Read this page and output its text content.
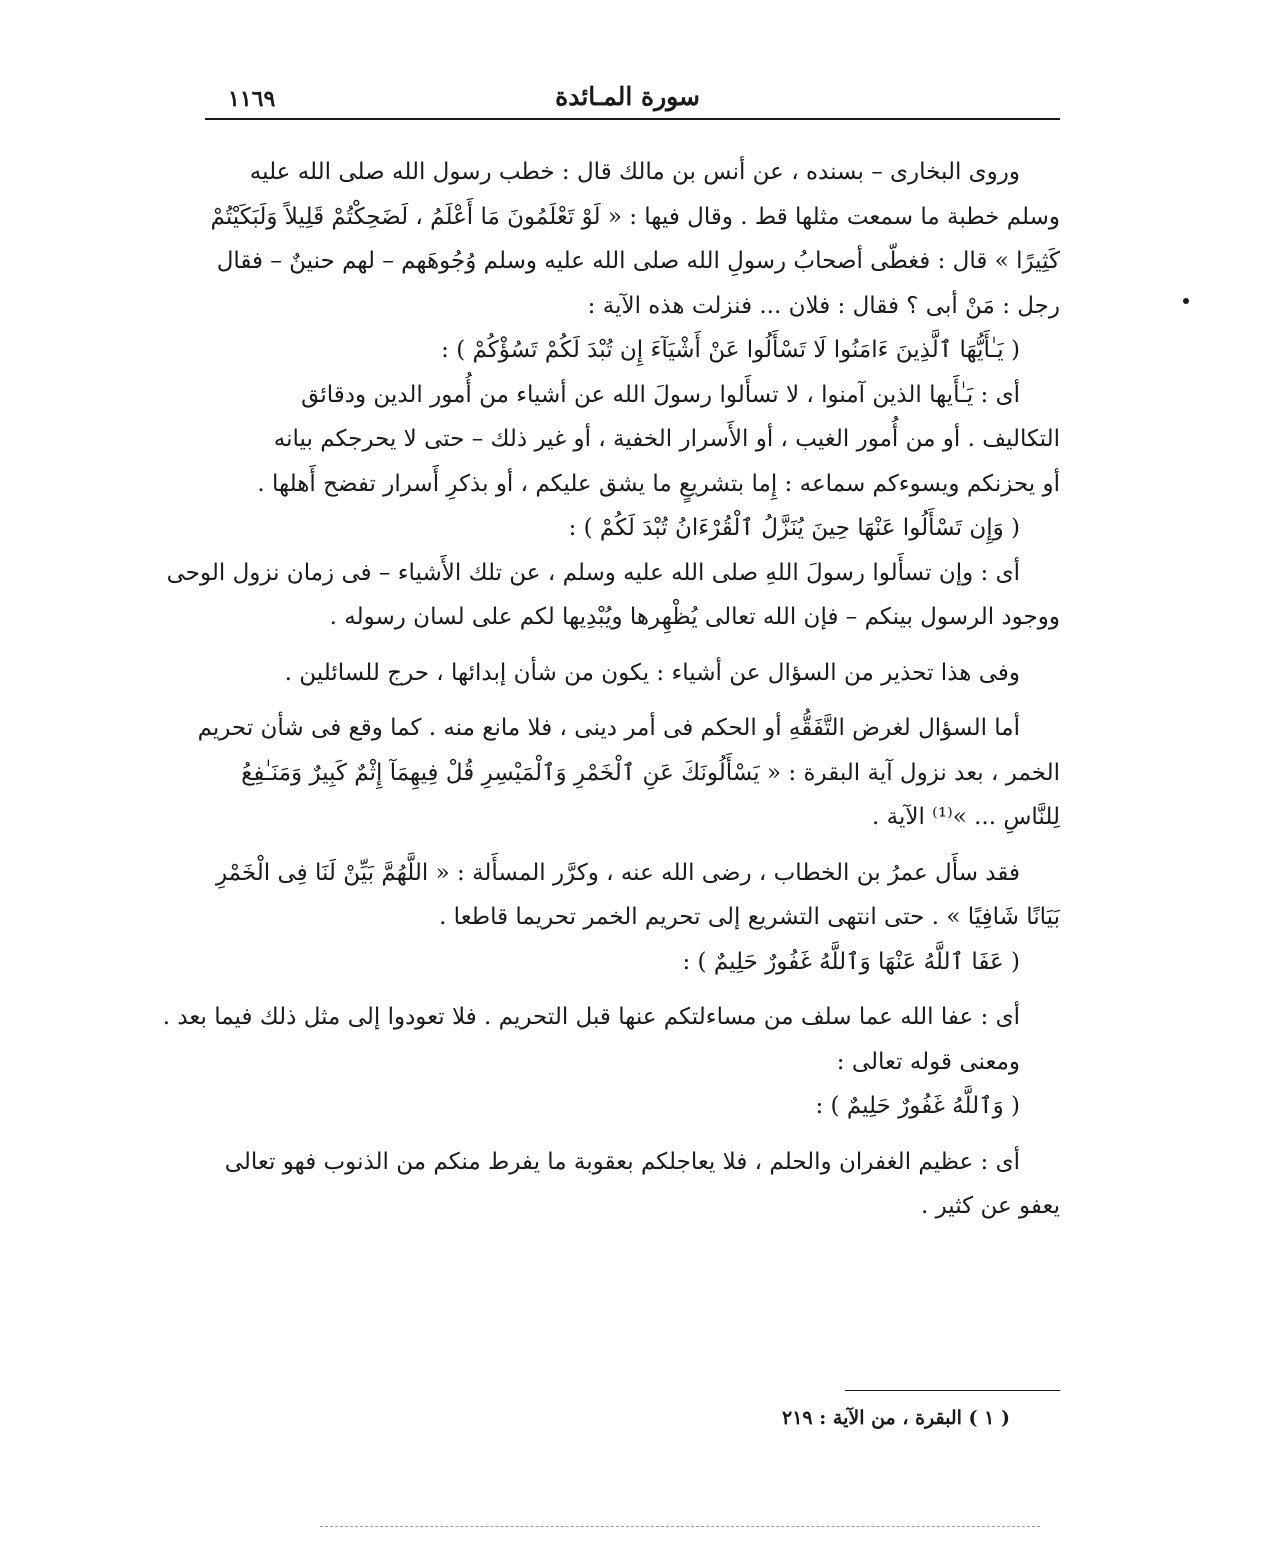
سورة المـائدة
١١٦٩
وروى البخارى – بسنده ، عن أنس بن مالك قال : خطب رسول الله صلى الله عليه
وسلم خطبة ما سمعت مثلها قط . وقال فيها : « لَوْ تَعْلَمُونَ مَا أَعْلَمُ ، لَضَحِكْتُمْ قَلِيلاً وَلَبَكَيْتُمْ
كَثِيرًا » قال : فغطّى أصحابُ رسولِ الله صلى الله عليه وسلم وُجُوهَهم – لهم حنينٌ – فقال
رجل : مَنْ أبى ؟ فقال : فلان ... فنزلت هذه الآية :
( يَـٰأَيُّهَا ٱلَّذِينَ ءَامَنُوا لَا تَسْأَلُوا عَنْ أَشْيَآءَ إِن تُبْدَ لَكُمْ تَسُؤْكُمْ ) :
أى : يَـٰأَيها الذين آمنوا ، لا تسأَلوا رسولَ الله عن أشياء من أُمور الدين ودقائق
التكاليف . أو من أُمور الغيب ، أو الأَسرار الخفية ، أو غير ذلك – حتى لا يحرجكم بيانه
أو يحزنكم ويسوءكم سماعه : إِما بتشريعٍ ما يشق عليكم ، أو بذكرِ أَسرار تفضح أَهلها .
( وَإِن تَسْأَلُوا عَنْهَا حِينَ يُنَزَّلُ ٱلْقُرْءَانُ تُبْدَ لَكُمْ ) :
أى : وإن تسأَلوا رسولَ اللهِ صلى الله عليه وسلم ، عن تلك الأَشياء – فى زمان نزول الوحى
ووجود الرسول بينكم – فإن الله تعالى يُظْهِرها ويُبْدِيها لكم على لسان رسوله .
وفى هذا تحذير من السؤال عن أشياء : يكون من شأن إبدائها ، حرج للسائلين .
أما السؤال لغرض التَّفَقُّهِ أو الحكم فى أمر دينى ، فلا مانع منه . كما وقع فى شأن تحريم
الخمر ، بعد نزول آية البقرة : « يَسْأَلُونَكَ عَنِ ٱلْخَمْرِ وَٱلْمَيْسِرِ قُلْ فِيهِمَآ إِثْمٌ كَبِيرٌ وَمَنَـٰفِعُ
لِلنَّاسِ ... »⁽¹⁾ الآية .
فقد سأَل عمرُ بن الخطاب ، رضى الله عنه ، وكرَّر المسأَلة : « اللَّهُمَّ بَيِّنْ لَنَا فِى الْخَمْرِ
بَيَانًا شَافِيًا » . حتى انتهى التشريع إلى تحريم الخمر تحريما قاطعا .
( عَفَا ٱللَّهُ عَنْهَا وَٱللَّهُ غَفُورٌ حَلِيمٌ ) :
أى : عفا الله عما سلف من مساءلتكم عنها قبل التحريم . فلا تعودوا إلى مثل ذلك فيما بعد .
ومعنى قوله تعالى :
( وَٱللَّهُ غَفُورٌ حَلِيمٌ ) :
أى : عظيم الغفران والحلم ، فلا يعاجلكم بعقوبة ما يفرط منكم من الذنوب فهو تعالى
يعفو عن كثير .
( ١ ) البقرة ، من الآية : ٢١٩
